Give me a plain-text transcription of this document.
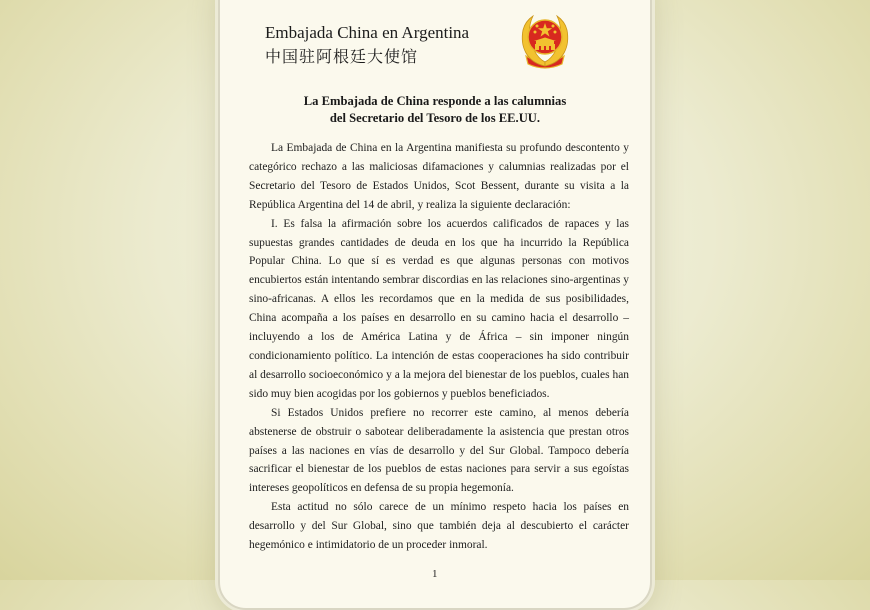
Embajada China en Argentina
中国驻阿根廷大使馆
La Embajada de China responde a las calumnias
del Secretario del Tesoro de los EE.UU.

La Embajada de China en la Argentina manifiesta su profundo descontento y categórico rechazo a las maliciosas difamaciones y calumnias realizadas por el Secretario del Tesoro de Estados Unidos, Scot Bessent, durante su visita a la República Argentina del 14 de abril, y realiza la siguiente declaración:

I. Es falsa la afirmación sobre los acuerdos calificados de rapaces y las supuestas grandes cantidades de deuda en los que ha incurrido la República Popular China. Lo que sí es verdad es que algunas personas con motivos encubiertos están intentando sembrar discordias en las relaciones sino-argentinas y sino-africanas. A ellos les recordamos que en la medida de sus posibilidades, China acompaña a los países en desarrollo en su camino hacia el desarrollo – incluyendo a los de América Latina y de África – sin imponer ningún condicionamiento político. La intención de estas cooperaciones ha sido contribuir al desarrollo socioeconómico y a la mejora del bienestar de los pueblos, cuales han sido muy bien acogidas por los gobiernos y pueblos beneficiados.

Si Estados Unidos prefiere no recorrer este camino, al menos debería abstenerse de obstruir o sabotear deliberadamente la asistencia que prestan otros países a las naciones en vías de desarrollo y del Sur Global. Tampoco debería sacrificar el bienestar de los pueblos de estas naciones para servir a sus egoístas intereses geopolíticos en defensa de su propia hegemonía.

Esta actitud no sólo carece de un mínimo respeto hacia los países en desarrollo y del Sur Global, sino que también deja al descubierto el carácter hegemónico e intimidatorio de un proceder inmoral.

1
